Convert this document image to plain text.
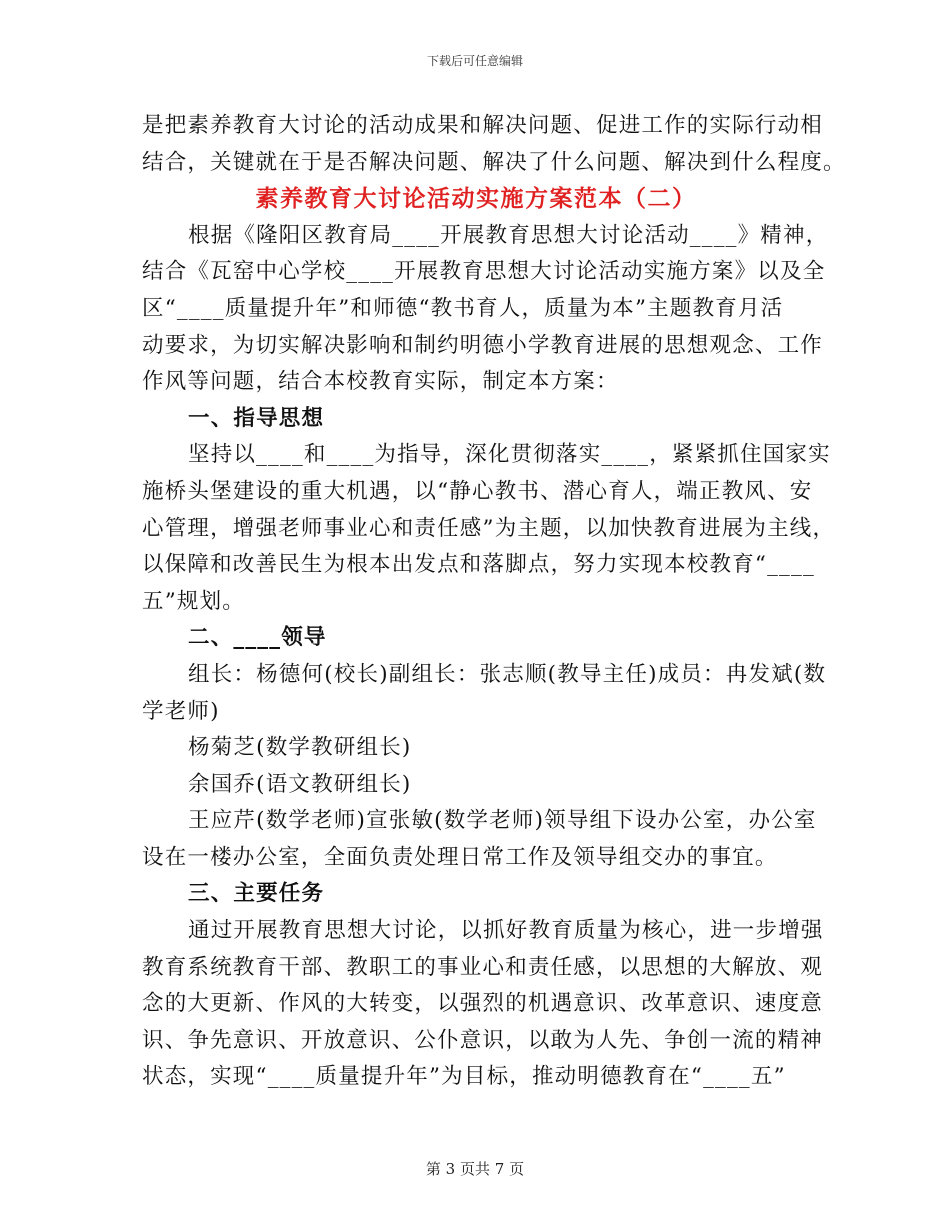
下载后可任意编辑
是把素养教育大讨论的活动成果和解决问题、促进工作的实际行动相
结合，关键就在于是否解决问题、解决了什么问题、解决到什么程度。
素养教育大讨论活动实施方案范本（二）
根据《隆阳区教育局____开展教育思想大讨论活动____》精神，
结合《瓦窑中心学校____开展教育思想大讨论活动实施方案》以及全
区“____质量提升年”和师德“教书育人，质量为本”主题教育月活
动要求，为切实解决影响和制约明德小学教育进展的思想观念、工作
作风等问题，结合本校教育实际，制定本方案：
一、指导思想
坚持以____和____为指导，深化贯彻落实____，紧紧抓住国家实
施桥头堡建设的重大机遇，以“静心教书、潜心育人，端正教风、安
心管理，增强老师事业心和责任感”为主题，以加快教育进展为主线，
以保障和改善民生为根本出发点和落脚点，努力实现本校教育“____
五”规划。
二、____领导
组长：杨德何(校长)副组长：张志顺(教导主任)成员：冉发斌(数
学老师)
杨菊芝(数学教研组长)
余国乔(语文教研组长)
王应芹(数学老师)宣张敏(数学老师)领导组下设办公室，办公室
设在一楼办公室，全面负责处理日常工作及领导组交办的事宜。
三、主要任务
通过开展教育思想大讨论，以抓好教育质量为核心，进一步增强
教育系统教育干部、教职工的事业心和责任感，以思想的大解放、观
念的大更新、作风的大转变，以强烈的机遇意识、改革意识、速度意
识、争先意识、开放意识、公仆意识，以敢为人先、争创一流的精神
状态，实现“____质量提升年”为目标，推动明德教育在“____五”
第 3 页共 7 页
